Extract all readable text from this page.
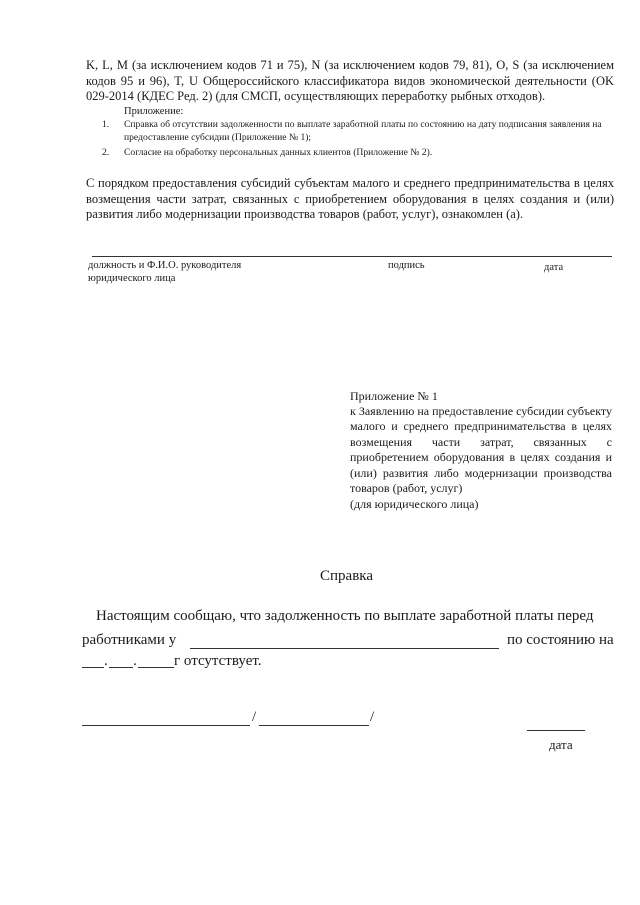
K, L, M (за исключением кодов 71 и 75), N (за исключением кодов 79, 81), O, S (за исключением кодов 95 и 96), T, U Общероссийского классификатора видов экономической деятельности (OK 029-2014 (КДЕС Ред. 2) (для СМСП, осуществляющих переработку рыбных отходов).
Приложение:
1. Справка об отсутствии задолженности по выплате заработной платы по состоянию на дату подписания заявления на
предоставление субсидии (Приложение № 1);
2. Согласие на обработку персональных данных клиентов (Приложение № 2).
С порядком предоставления субсидий субъектам малого и среднего предпринимательства в целях возмещения части затрат, связанных с приобретением оборудования в целях создания и (или) развития либо модернизации производства товаров (работ, услуг), ознакомлен (а).
должность и Ф.И.О. руководителя
юридического лица
подпись	дата
Приложение № 1
к Заявлению на предоставление субсидии субъекту малого и среднего предпринимательства в целях возмещения части затрат, связанных с приобретением оборудования в целях создания и (или) развития либо модернизации производства товаров (работ, услуг)
(для юридического лица)
Справка
Настоящим сообщаю, что задолженность по выплате заработной платы перед
работниками у	по состоянию на
. . г отсутствует.
/	/
дата
